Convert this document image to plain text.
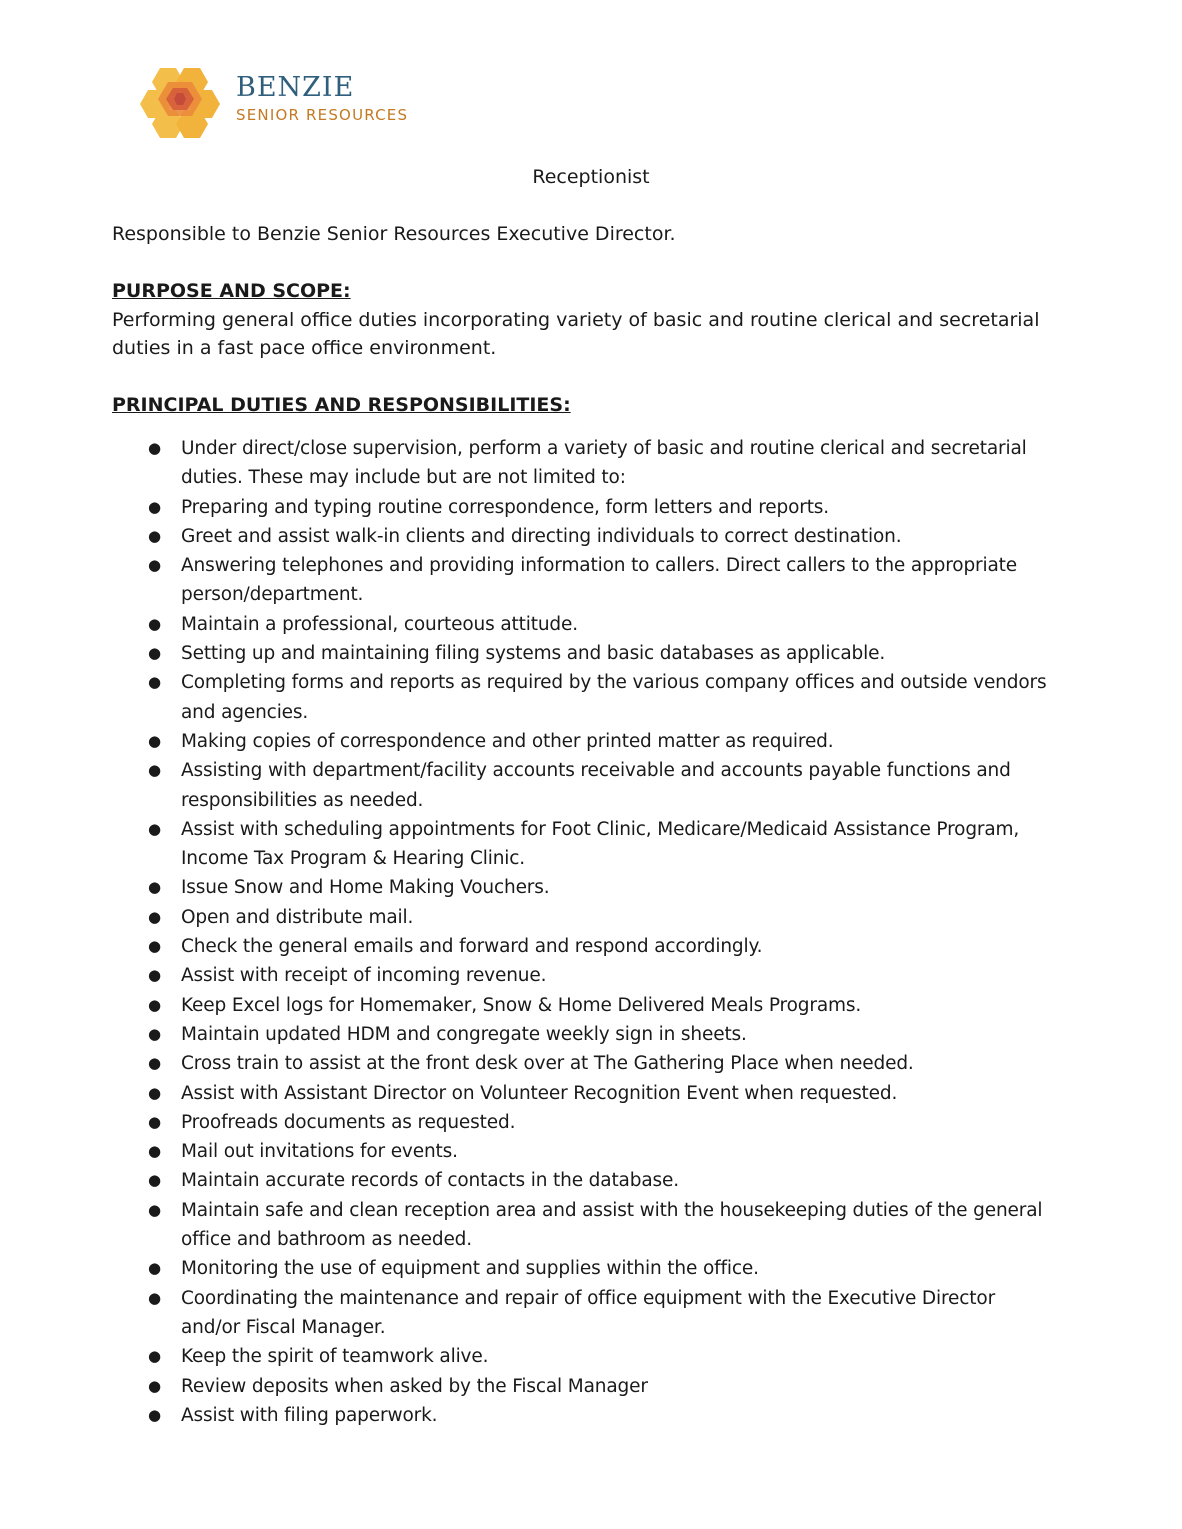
BENZIE
SENIOR RESOURCES
Receptionist
Responsible to Benzie Senior Resources Executive Director.
PURPOSE AND SCOPE:
Performing general office duties incorporating variety of basic and routine clerical and secretarial
duties in a fast pace office environment.
PRINCIPAL DUTIES AND RESPONSIBILITIES:
● Under direct/close supervision, perform a variety of basic and routine clerical and secretarial
duties. These may include but are not limited to:
● Preparing and typing routine correspondence, form letters and reports.
● Greet and assist walk-in clients and directing individuals to correct destination.
● Answering telephones and providing information to callers. Direct callers to the appropriate
person/department.
● Maintain a professional, courteous attitude.
● Setting up and maintaining filing systems and basic databases as applicable.
● Completing forms and reports as required by the various company offices and outside vendors
and agencies.
● Making copies of correspondence and other printed matter as required.
● Assisting with department/facility accounts receivable and accounts payable functions and
responsibilities as needed.
● Assist with scheduling appointments for Foot Clinic, Medicare/Medicaid Assistance Program,
Income Tax Program & Hearing Clinic.
● Issue Snow and Home Making Vouchers.
● Open and distribute mail.
● Check the general emails and forward and respond accordingly.
● Assist with receipt of incoming revenue.
● Keep Excel logs for Homemaker, Snow & Home Delivered Meals Programs.
● Maintain updated HDM and congregate weekly sign in sheets.
● Cross train to assist at the front desk over at The Gathering Place when needed.
● Assist with Assistant Director on Volunteer Recognition Event when requested.
● Proofreads documents as requested.
● Mail out invitations for events.
● Maintain accurate records of contacts in the database.
● Maintain safe and clean reception area and assist with the housekeeping duties of the general
office and bathroom as needed.
● Monitoring the use of equipment and supplies within the office.
● Coordinating the maintenance and repair of office equipment with the Executive Director
and/or Fiscal Manager.
● Keep the spirit of teamwork alive.
● Review deposits when asked by the Fiscal Manager
● Assist with filing paperwork.
